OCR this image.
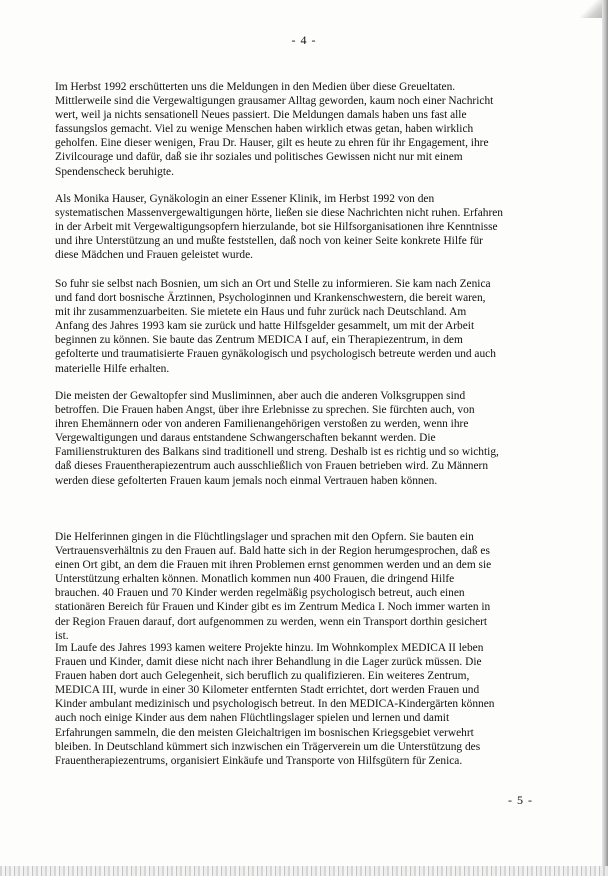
- 4 -
Im Herbst 1992 erschütterten uns die Meldungen in den Medien über diese Greueltaten.
Mittlerweile sind die Vergewaltigungen grausamer Alltag geworden, kaum noch einer Nachricht
wert, weil ja nichts sensationell Neues passiert. Die Meldungen damals haben uns fast alle
fassungslos gemacht. Viel zu wenige Menschen haben wirklich etwas getan, haben wirklich
geholfen. Eine dieser wenigen, Frau Dr. Hauser, gilt es heute zu ehren für ihr Engagement, ihre
Zivilcourage und dafür, daß sie ihr soziales und politisches Gewissen nicht nur mit einem
Spendenscheck beruhigte.
Als Monika Hauser, Gynäkologin an einer Essener Klinik, im Herbst 1992 von den
systematischen Massenvergewaltigungen hörte, ließen sie diese Nachrichten nicht ruhen. Erfahren
in der Arbeit mit Vergewaltigungsopfern hierzulande, bot sie Hilfsorganisationen ihre Kenntnisse
und ihre Unterstützung an und mußte feststellen, daß noch von keiner Seite konkrete Hilfe für
diese Mädchen und Frauen geleistet wurde.
So fuhr sie selbst nach Bosnien, um sich an Ort und Stelle zu informieren. Sie kam nach Zenica
und fand dort bosnische Ärztinnen, Psychologinnen und Krankenschwestern, die bereit waren,
mit ihr zusammenzuarbeiten. Sie mietete ein Haus und fuhr zurück nach Deutschland. Am
Anfang des Jahres 1993 kam sie zurück und hatte Hilfsgelder gesammelt, um mit der Arbeit
beginnen zu können. Sie baute das Zentrum MEDICA I auf, ein Therapiezentrum, in dem
gefolterte und traumatisierte Frauen gynäkologisch und psychologisch betreute werden und auch
materielle Hilfe erhalten.
Die meisten der Gewaltopfer sind Musliminnen, aber auch die anderen Volksgruppen sind
betroffen. Die Frauen haben Angst, über ihre Erlebnisse zu sprechen. Sie fürchten auch, von
ihren Ehemännern oder von anderen Familienangehörigen verstoßen zu werden, wenn ihre
Vergewaltigungen und daraus entstandene Schwangerschaften bekannt werden. Die
Familienstrukturen des Balkans sind traditionell und streng. Deshalb ist es richtig und so wichtig,
daß dieses Frauentherapiezentrum auch ausschließlich von Frauen betrieben wird. Zu Männern
werden diese gefolterten Frauen kaum jemals noch einmal Vertrauen haben können.
Die Helferinnen gingen in die Flüchtlingslager und sprachen mit den Opfern. Sie bauten ein
Vertrauensverhältnis zu den Frauen auf. Bald hatte sich in der Region herumgesprochen, daß es
einen Ort gibt, an dem die Frauen mit ihren Problemen ernst genommen werden und an dem sie
Unterstützung erhalten können. Monatlich kommen nun 400 Frauen, die dringend Hilfe
brauchen. 40 Frauen und 70 Kinder werden regelmäßig psychologisch betreut, auch einen
stationären Bereich für Frauen und Kinder gibt es im Zentrum Medica I. Noch immer warten in
der Region Frauen darauf, dort aufgenommen zu werden, wenn ein Transport dorthin gesichert
ist.
Im Laufe des Jahres 1993 kamen weitere Projekte hinzu. Im Wohnkomplex MEDICA II leben
Frauen und Kinder, damit diese nicht nach ihrer Behandlung in die Lager zurück müssen. Die
Frauen haben dort auch Gelegenheit, sich beruflich zu qualifizieren. Ein weiteres Zentrum,
MEDICA III, wurde in einer 30 Kilometer entfernten Stadt errichtet, dort werden Frauen und
Kinder ambulant medizinisch und psychologisch betreut. In den MEDICA-Kindergärten können
auch noch einige Kinder aus dem nahen Flüchtlingslager spielen und lernen und damit
Erfahrungen sammeln, die den meisten Gleichaltrigen im bosnischen Kriegsgebiet verwehrt
bleiben. In Deutschland kümmert sich inzwischen ein Trägerverein um die Unterstützung des
Frauentherapiezentrums, organisiert Einkäufe und Transporte von Hilfsgütern für Zenica.
- 5 -
